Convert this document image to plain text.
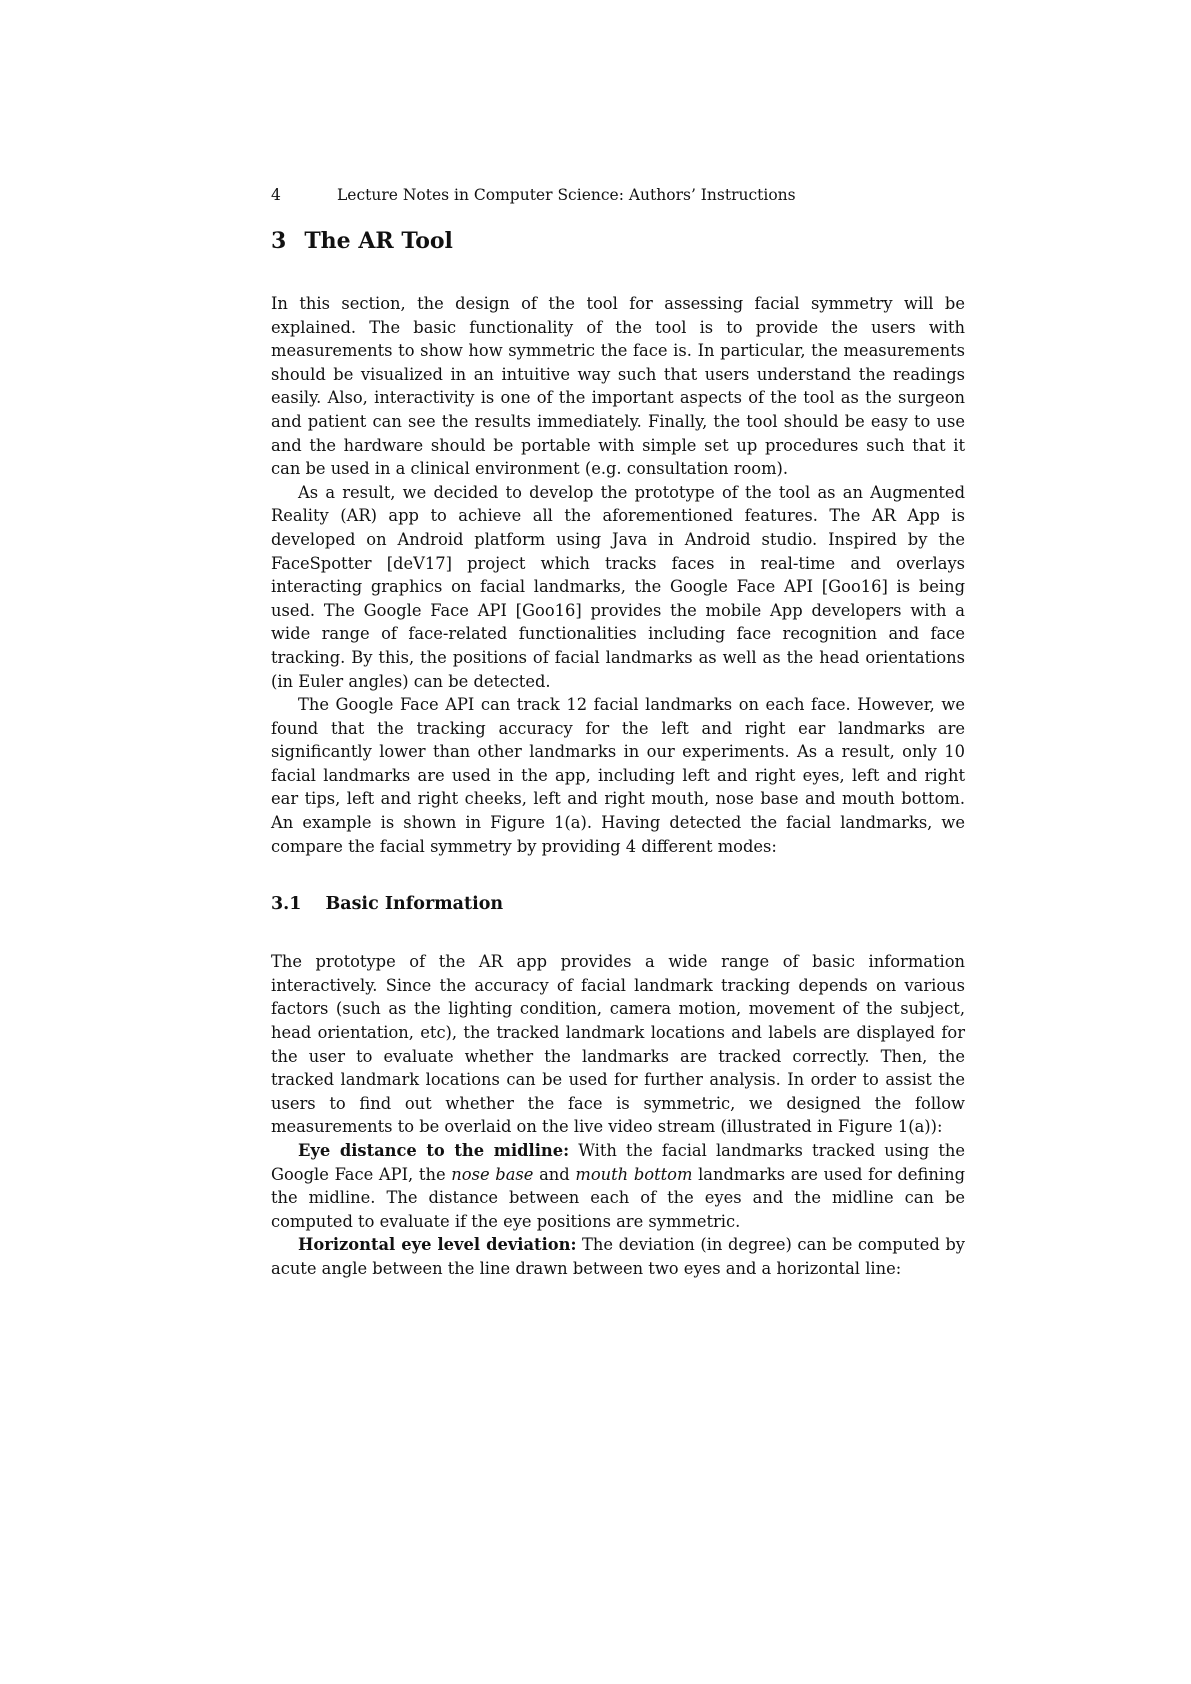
4	Lecture Notes in Computer Science: Authors’ Instructions
3 The AR Tool

In this section, the design of the tool for assessing facial symmetry will be explained. The basic functionality of the tool is to provide the users with measurements to show how symmetric the face is. In particular, the measurements should be visualized in an intuitive way such that users understand the readings easily. Also, interactivity is one of the important aspects of the tool as the surgeon and patient can see the results immediately. Finally, the tool should be easy to use and the hardware should be portable with simple set up procedures such that it can be used in a clinical environment (e.g. consultation room).

As a result, we decided to develop the prototype of the tool as an Augmented Reality (AR) app to achieve all the aforementioned features. The AR App is developed on Android platform using Java in Android studio. Inspired by the FaceSpotter [deV17] project which tracks faces in real-time and overlays interacting graphics on facial landmarks, the Google Face API [Goo16] is being used. The Google Face API [Goo16] provides the mobile App developers with a wide range of face-related functionalities including face recognition and face tracking. By this, the positions of facial landmarks as well as the head orientations (in Euler angles) can be detected.

The Google Face API can track 12 facial landmarks on each face. However, we found that the tracking accuracy for the left and right ear landmarks are significantly lower than other landmarks in our experiments. As a result, only 10 facial landmarks are used in the app, including left and right eyes, left and right ear tips, left and right cheeks, left and right mouth, nose base and mouth bottom. An example is shown in Figure 1(a). Having detected the facial landmarks, we compare the facial symmetry by providing 4 different modes:

3.1 Basic Information

The prototype of the AR app provides a wide range of basic information interactively. Since the accuracy of facial landmark tracking depends on various factors (such as the lighting condition, camera motion, movement of the subject, head orientation, etc), the tracked landmark locations and labels are displayed for the user to evaluate whether the landmarks are tracked correctly. Then, the tracked landmark locations can be used for further analysis. In order to assist the users to find out whether the face is symmetric, we designed the follow measurements to be overlaid on the live video stream (illustrated in Figure 1(a)):

Eye distance to the midline: With the facial landmarks tracked using the Google Face API, the nose base and mouth bottom landmarks are used for defining the midline. The distance between each of the eyes and the midline can be computed to evaluate if the eye positions are symmetric.

Horizontal eye level deviation: The deviation (in degree) can be computed by acute angle between the line drawn between two eyes and a horizontal line:
